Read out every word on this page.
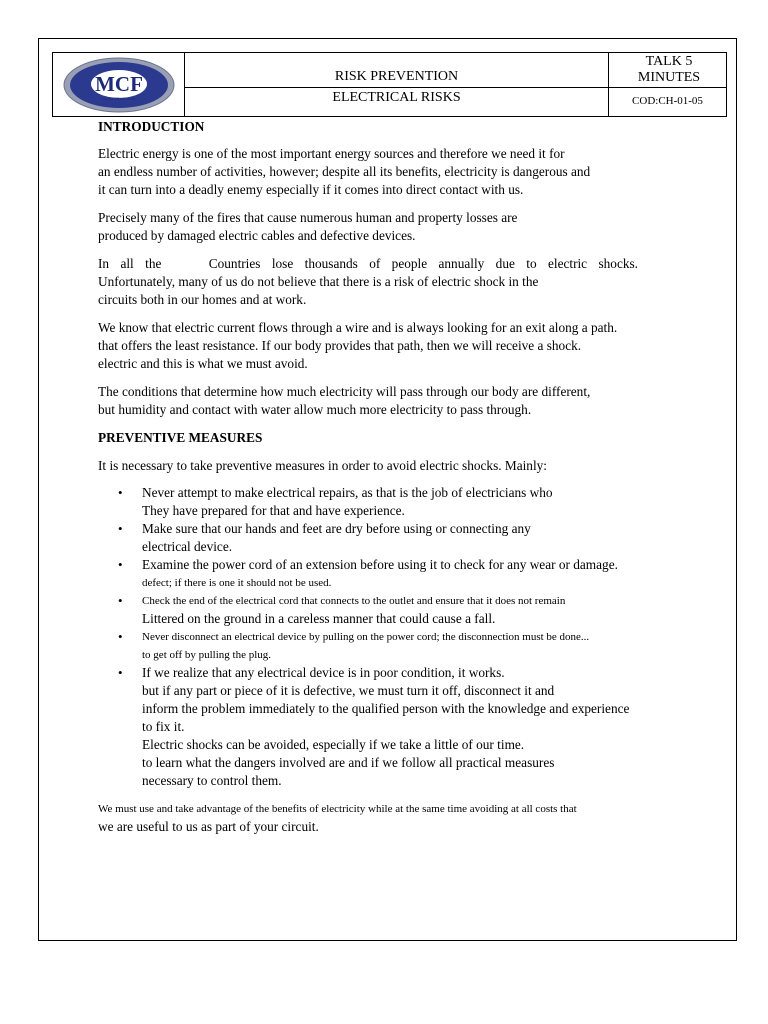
MCF
CONSTRUCCIÓN
RISK PREVENTION
ELECTRICAL RISKS
TALK 5
MINUTES
COD:CH-01-05

INTRODUCTION

Electric energy is one of the most important energy sources and therefore we need it for
an endless number of activities, however; despite all its benefits, electricity is dangerous and
it can turn into a deadly enemy especially if it comes into direct contact with us.
Precisely many of the fires that cause numerous human and property losses are
produced by damaged electric cables and defective devices.
In all the	Countries lose thousands of people annually due to electric shocks.
Unfortunately, many of us do not believe that there is a risk of electric shock in the
circuits both in our homes and at work.
We know that electric current flows through a wire and is always looking for an exit along a path.
that offers the least resistance. If our body provides that path, then we will receive a shock.
electric and this is what we must avoid.
The conditions that determine how much electricity will pass through our body are different,
but humidity and contact with water allow much more electricity to pass through.

PREVENTIVE MEASURES

It is necessary to take preventive measures in order to avoid electric shocks. Mainly:

• Never attempt to make electrical repairs, as that is the job of electricians who
They have prepared for that and have experience.
• Make sure that our hands and feet are dry before using or connecting any
electrical device.
• Examine the power cord of an extension before using it to check for any wear or damage.
defect; if there is one it should not be used.
• Check the end of the electrical cord that connects to the outlet and ensure that it does not remain
Littered on the ground in a careless manner that could cause a fall.
• Never disconnect an electrical device by pulling on the power cord; the disconnection must be done...
to get off by pulling the plug.
• If we realize that any electrical device is in poor condition, it works.
but if any part or piece of it is defective, we must turn it off, disconnect it and
inform the problem immediately to the qualified person with the knowledge and experience
to fix it.
Electric shocks can be avoided, especially if we take a little of our time.
to learn what the dangers involved are and if we follow all practical measures
necessary to control them.
We must use and take advantage of the benefits of electricity while at the same time avoiding at all costs that
we are useful to us as part of your circuit.
